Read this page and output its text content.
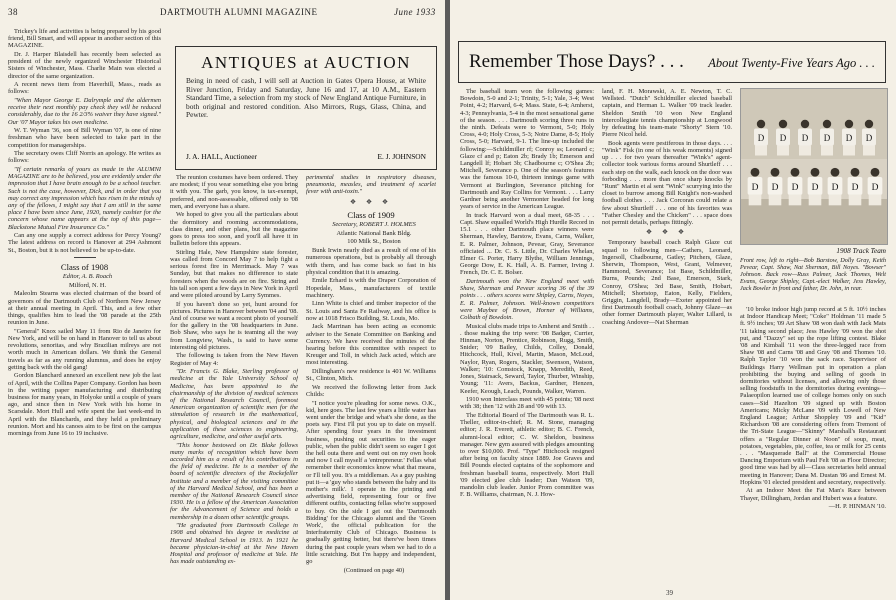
38	DARTMOUTH ALUMNI MAGAZINE	June 1933

Trickey's life and activities is being prepared by his good friend, Bill Smart, and will appear in another section of this MAGAZINE.

Dr. J. Harper Blaisdell has recently been selected as president of the newly organized Winchester Historical Sisters of Winchester, Mass. Charlie Main was elected a director of the same organization.

A recent news item from Haverhill, Mass., reads as follows:

"When Mayor George E. Dalrymple and the aldermen receive their next monthly pay check they will be reduced considerably, due to the 16 2/3% waiver they have signed." Our '07 Mayor takes his own medicine.

W. T. Wyman '36, son of Bill Wyman '07, is one of nine freshman who have been selected to take part in the competition for managerships.

The secretary owes Cliff Norris an apology. He writes as follows:

"If certain remarks of yours as made in the ALUMNI MAGAZINE are to be believed, you are evidently under the impression that I have brain enough to be a school teacher. Such is not the case, however, Dick, and in order that you may correct any impression which has risen in the minds of any of the fellows, I might say that I am still in the same place I have been since June, 1920, namely cashier for the concern whose name appears at the top of this page—Blackstone Mutual Fire Insurance Co."

Can any one supply a correct address for Percy Young? The latest address on record is Hanover at 294 Ashmont St., Boston, but it is not believed to be up-to-date.

Class of 1908

Editor, A. B. Roach

Milford, N. H.

Maleolm Stearns was elected chairman of the board of governors of the Dartmouth Club of Northern New Jersey at their annual meeting in April. This, and a few other things, qualifies him to lead the '08 parade at the 25th reunion in June.

"General" Knox sailed May 11 from Rio de Janeiro for New York, and will be on hand in Hanover to tell us about revolutions, senoritas, and why Brazilian milreys are not worth much in American dollars. We think the General travels as far as any running alumnus, and does he enjoy getting back with the old gang!

Gordon Blanchard annexed an excellent new job the last of April, with the Collins Paper Company. Gordon has been in the writing paper manufacturing and distributing business for many years, in Holyoke until a couple of years ago, and since then in New York with his home in Scarsdale. Mort Hull and wife spent the last week-end in April with the Blanchards, and they held a preliminary reunion. Mort and his canoes aim to be first on the campus mornings from June 16 to 19 inclusive.

ANTIQUES at AUCTION
Being in need of cash, I will sell at Auction in Gates Opera House, at White River Junction, Friday and Saturday, June 16 and 17, at 10 A.M., Eastern Standard Time, a selection from my stock of New England Antique Furniture, in both original and restored condition. Also Mirrors, Rugs, Glass, China, and Pewter.
J. A. HALL, Auctioneer	E. J. JOHNSON

The reunion costumes have been ordered. They are modest; if you wear something else you bring it with you. The garb, you know, is tax-exempt, preferred, and non-assessable, offered only to '08 men, and everyone has a share.

We hoped to give you all the particulars about the dormitory and rooming accommodations, class dinner, and other plans, but the magazine goes to press too soon, and you'll all have it in bulletin before this appears.

Stirling Hale, New Hampshire state forester, was called from Concord May 7 to help fight a serious forest fire in Merrimack. May 7 was Sunday, but that makes no difference to state foresters when the woods are on fire. String and his tall son spent a few days in New York in April and were piloted around by Larry Symmes.

If you haven't done so yet, hunt around for pictures. Pictures in Hanover between '04 and '08. And of course we want a recent photo of yourself for the gallery in the '08 headquarters in June. Bob Shaw, who says he is teaming all the way from Longview, Wash., is said to have some interesting old pictures.

The following is taken from the New Haven Register of May 4:

"Dr. Francis G. Blake, Sterling professor of medicine at the Yale University School of Medicine, has been appointed to the chairmanship of the division of medical sciences of the National Research Council, foremost American organization of scientific men for the stimulation of research in the mathematical, physical, and biological sciences and in the application of these sciences to engineering, agriculture, medicine, and other useful arts.

"This honor bestowed on Dr. Blake follows many marks of recognition which have been accorded him as a result of his contributions in the field of medicine. He is a member of the board of scientific directors of the Rockefeller Institute and a member of the visiting committee of the Harvard Medical School, and has been a member of the National Research Council since 1930. He is a fellow of the American Association for the Advancement of Science and holds a membership in a dozen other scientific groups.

"He graduated from Dartmouth College in 1908 and obtained his degree in medicine at Harvard Medical School in 1913. In 1921 he became physician-in-chief at the New Haven Hospital and professor of medicine at Yale. He has made outstanding ex-

perimental studies in respiratory diseases, pneumonia, measles, and treatment of scarlet fever with anti-toxin."

❖ ❖ ❖
Class of 1909

Secretary, ROBERT J. HOLMES

Atlantic National Bank Bldg.

100 Milk St., Boston

Bunk Irwin nearly died as a result of one of his numerous operations, but is probably all through with them, and has come back so fast in his physical condition that it is amazing.

Emile Erhard is with the Draper Corporation of Hopedale, Mass., manufacturers of textile machinery.

Linn White is chief and timber inspector of the St. Louis and Santa Fe Railway, and his office is now at 1018 Frisco Building, St. Louis, Mo.

Jack Marrinan has been acting as economic adviser to the Senate Committee on Banking and Currency. We have received the minutes of the hearing before this committee with respect to Kreuger and Toll, in which Jack acted, which are most interesting.

Dillingham's new residence is 401 W. Williams St., Clinton, Mich.

We received the following letter from Jack Childs:

"I notice you're pleading for some news. O.K., kid, here goes. The last few years a little water has went under the bridge and what's she done, as the poets say. First I'll put you up to date on myself. After spending four years in the investment business, pushing out securities to the eager public, when the public didn't seem so eager I got the hell outa there and went out on my own hook and now I call myself a 'entrepreneur.' Fellas what remember their economics know what that means, or I'll tell you. It's a middleman. As a guy pushing put it—a 'guy who stands between the baby and its mother's milk'. I operate in the printing and advertising field, representing four or five different outfits, contacting fellas who're supposed to buy. On the side I get out the 'Dartmouth Bidding' for the Chicago alumni and the 'Green Work', the official publication for the Interfraternity Club of Chicago. Business is gradually getting better, but there've been times during the past couple years when we had to do a little scratching. But I'm happy and independent, go

(Continued on page 40)

Remember Those Days? . . . About Twenty-Five Years Ago . . .

The baseball team won the following games: Bowdoin, 5-0 and 2-1; Trinity, 5-1; Yale, 3-4; West Point, 4-2; Harvard, 6-4; Mass. State, 6-4; Amherst, 4-3; Pennsylvania, 5-4 in the most sensational game of the season. . . . Dartmouth scoring three runs in the ninth. Defeats were to Vermont, 5-0; Holy Cross, 4-0; Holy Cross, 5-3; Notre Dame, 8-5; Holy Cross, 5-0; Harvard, 9-1. The line-up included the following:—Schildmiller rf; Conroy ss; Leonard c; Glaze cf and p; Eaton 2b; Brady 1b; Emerson and Langdell lf; Hobart 3b; Chadbourne c; O'Shea 2b; Mitchell, Severance p. One of the season's features was the famous 10-0, thirteen innings game with Vermont at Burlington, Severance pitching for Dartmouth and Ray Collins for Vermont. . . . Larry Gardner being another Vermonter headed for long years of service in the American League.

In track Harvard won a dual meet, 68-35 . . . Capt. Shaw equalled World's High Hurdle Record in 15.1 . . . other Dartmouth place winners were Sherman, Hawley, Barstow, Evans, Carns, Walker, E. R. Palmer, Johnson, Pevear, Gray, Severance officiated ... Dr. C. S. Little, Dr. Charles Whelan, Elmer G. Porter, Harry Blythe, William Jennings, George Dow, E. K. Hall, A. B. Farmer, Irving J. French, Dr. C. E. Bolser.

Dartmouth won the New England meet with Shaw, Sherman and Pevear scoring 36 of the 39 points . . . others scores were Shipley, Carns, Noyes, E. R. Palmer, Johnson. Well-known competitors were Maybee of Brown, Horner of Williams, Colbath of Bowdoin.

Musical clubs made trips to Amherst and Smith . . . those making the trip were: '08 Badger, Currier, Hinman, Norton, Prentice, Robinson, Rugg, Smith, Snider; '09 Bailey, Childs, Colley, Donald, Hitchcock, Hull, Kivel, Martin, Mason, McLoud, Naylor, Ryan, Rogers, Stackler, Swenson, Watson, Walker; '10: Comstock, Knapp, Meredith, Reed, Jones, Stairsack, Seward, Taylor, Thurber, Winship, Young; '11: Avers, Backus, Gardner, Henzen, Keefer, Keough, Leach, Pounds, Walker, Warren.

1910 won Interclass meet with 45 points; '08 next with 38; then '12 with 28 and '09 with 13.

The Editorial Board of The Dartmouth was R. L. Theller, editor-in-chief; R. M. Stone, managing editor; J. R. Everett, athletic editor; B. C. French, alumni-local editor; C. W. Sheldon, business manager. New gym assured with pledges amounting to over $10,000. Prof. "Type" Hitchcock resigned after being on faculty since 1889. Joe Graves and Bill Pounds elected captains of the sophomore and freshman baseball teams, respectively. Mort Hull '09 elected glee club leader; Dan Watson '09, mandolin club leader. Junior Prom committee was F. B. Williams, chairman, N. J. How-

land, F. H. Morawski, A. E. Newton, T. C. Wellsted. "Dutch" Schildmiller elected baseball captain, and Herman L. Walker '09 track leader. Sheldon Smith '10 won New England intercollegiate tennis championship at Longwood by defeating his team-mate "Shorty" Stern '10. Pierre Nicol held.

Book agents were pestiferous in those days. . . . "Wink" Fisk (in one of his weak moments) signed up . . . for two years thereafter "Wink's" agent-collector took various forms around Shurtleff . . . each step on the walk, each knock on the door was forboding . . . more than once sharp knocks by "Runt" Martin et al sent "Wink" scurrying into the closet to burrow among Bill Knight's non-washed football clothes . . . Jack Corcoran could relate a few about Shurtleff . . . one of his favorites was "Father Chesley and the Chicken" . . . space does not permit details, perhaps fittingly.

❖ ❖ ❖

Temporary baseball coach Ralph Glaze cut squad to following men—Cathers, Leonard, Ingersoll, Chadbourne, Gatley; Pitchers, Glaze, Sherwin, Thompson, West, Grant, Velmever, Hammond, Severance; 1st Base, Schildmiller, Burns, Pounds; 2nd Base, Emerson, Stark, Conroy, O'Shea; 3rd Base, Smith, Hobart, Mitchell; Shortstop, Eaton, Kelly, Fielders, Griggin, Langdell, Brady—Exeter appointed her first Dartmouth football coach, Johnny Glaze—as other former Dartmouth player, Walter Lillard, is coaching Andover—Nat Sherman

D D D D D D
D D D D D D D
1908 Track Team
Front row, left to right—Bob Barstow, Dolly Gray, Keith Pevear, Capt. Shaw, Nat Sherman, Bill Noyes. "Bowser" Johnson. Back row—Russ Palmer, Jack Thomes, Welt Evans, George Shipley, Capt.-elect Walker, Jess Hawley, Jack Bowler in front and father, Dr. John, in rear.

'10 broke indoor high jump record at 5 ft. 10½ inches at Indoor Handicap Meet; "Coke" Holdman '11 made 5 ft. 9½ inches; '09 Art Shaw '08 won dash with Jack Mats '11 taking second place; Jess Hawley '09 won the shot put, and "Dazzy" set up the rope lifting contest. Blake '08 and Kimball '11 won the three-legged race from Shaw '08 and Carns '08 and Gray '08 and Thomes '10. Ralph Taylor '10 won the sack race. Supervisor of Buildings Harry Wellman put in operation a plan prohibiting the buying and selling of goods in dormitories without licenses, and allowing only those selling foodstuffs in the dormitories during evenings—Palaeopilon learned use of college homes only on such cases—Sid Hazelton '09 signed up with Boston Americans; Micky McLane '09 with Lowell of New England League; Arthur Shoppley '09 and "Kid" Richardson '08 are considering offers from Tremont of the Tri-State League—"Skinny" Marshall's Restaurant offers a "Regular Dinner at Noon" of soup, meat, potatoes, vegetables, pie, coffee, tea or milk for 25 cents . . . "Masquerade Ball" at the Commercial House Dancing Emporium with Paul Felt '08 as Floor Director; good time was had by all—Class secretaries held annual meeting in Hanover; Dana M. Dustan '86 and Ernest M. Hopkins '01 elected president and secretary, respectively.

At an Indoor Meet the Fat Man's Race between Thayer, Dillingham, Jordan and Hubert was a feature.

—H. P. HINMAN '10.

39
